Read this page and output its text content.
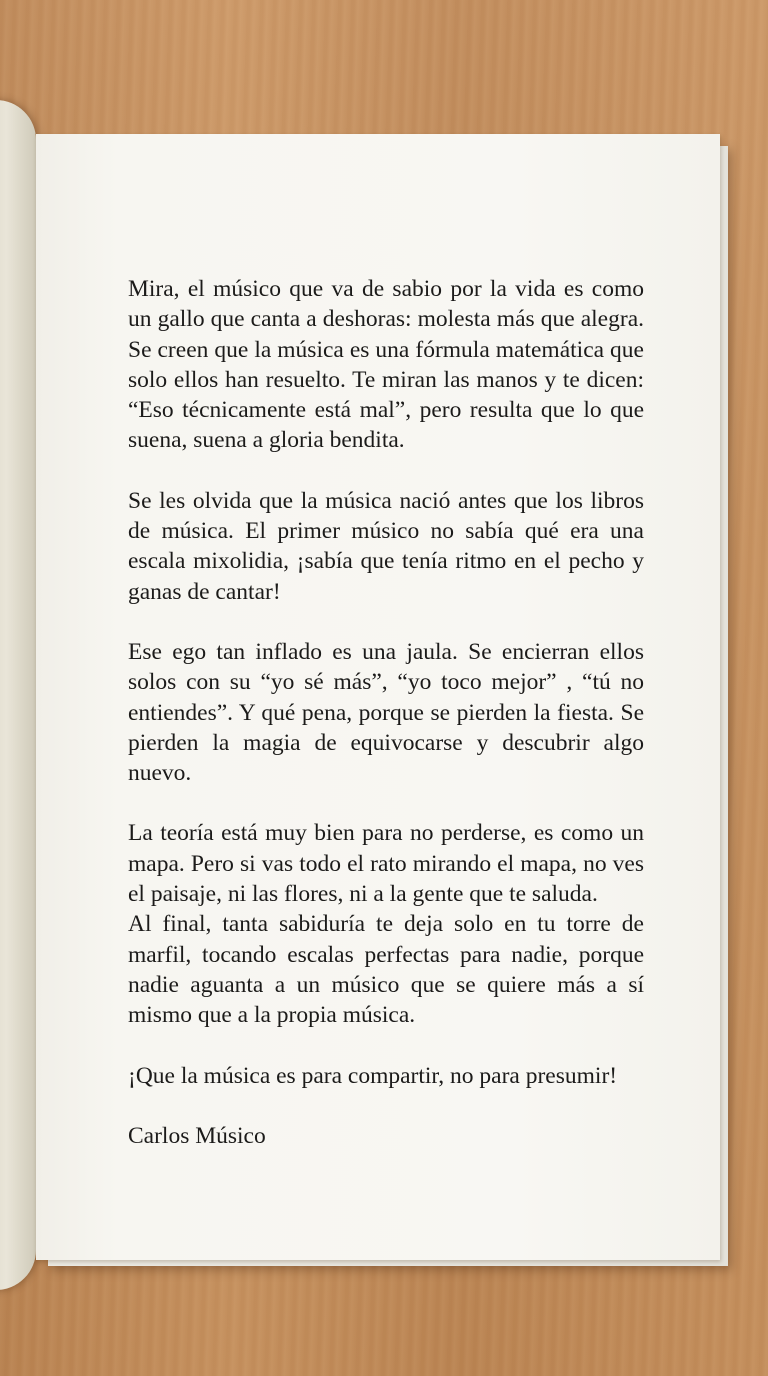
Mira, el músico que va de sabio por la vida es como un gallo que canta a deshoras: molesta más que alegra. Se creen que la música es una fórmula matemática que solo ellos han resuelto. Te miran las manos y te dicen: “Eso técnicamente está mal”, pero resulta que lo que suena, suena a gloria bendita.

Se les olvida que la música nació antes que los libros de música. El primer músico no sabía qué era una escala mixolidia, ¡sabía que tenía ritmo en el pecho y ganas de cantar!

Ese ego tan inflado es una jaula. Se encierran ellos solos con su “yo sé más”, “yo toco mejor” , “tú no entiendes”. Y qué pena, porque se pierden la fiesta. Se pierden la magia de equivocarse y descubrir algo nuevo.

La teoría está muy bien para no perderse, es como un mapa. Pero si vas todo el rato mirando el mapa, no ves el paisaje, ni las flores, ni a la gente que te saluda.

Al final, tanta sabiduría te deja solo en tu torre de marfil, tocando escalas perfectas para nadie, porque nadie aguanta a un músico que se quiere más a sí mismo que a la propia música.

¡Que la música es para compartir, no para presumir!

Carlos Músico
